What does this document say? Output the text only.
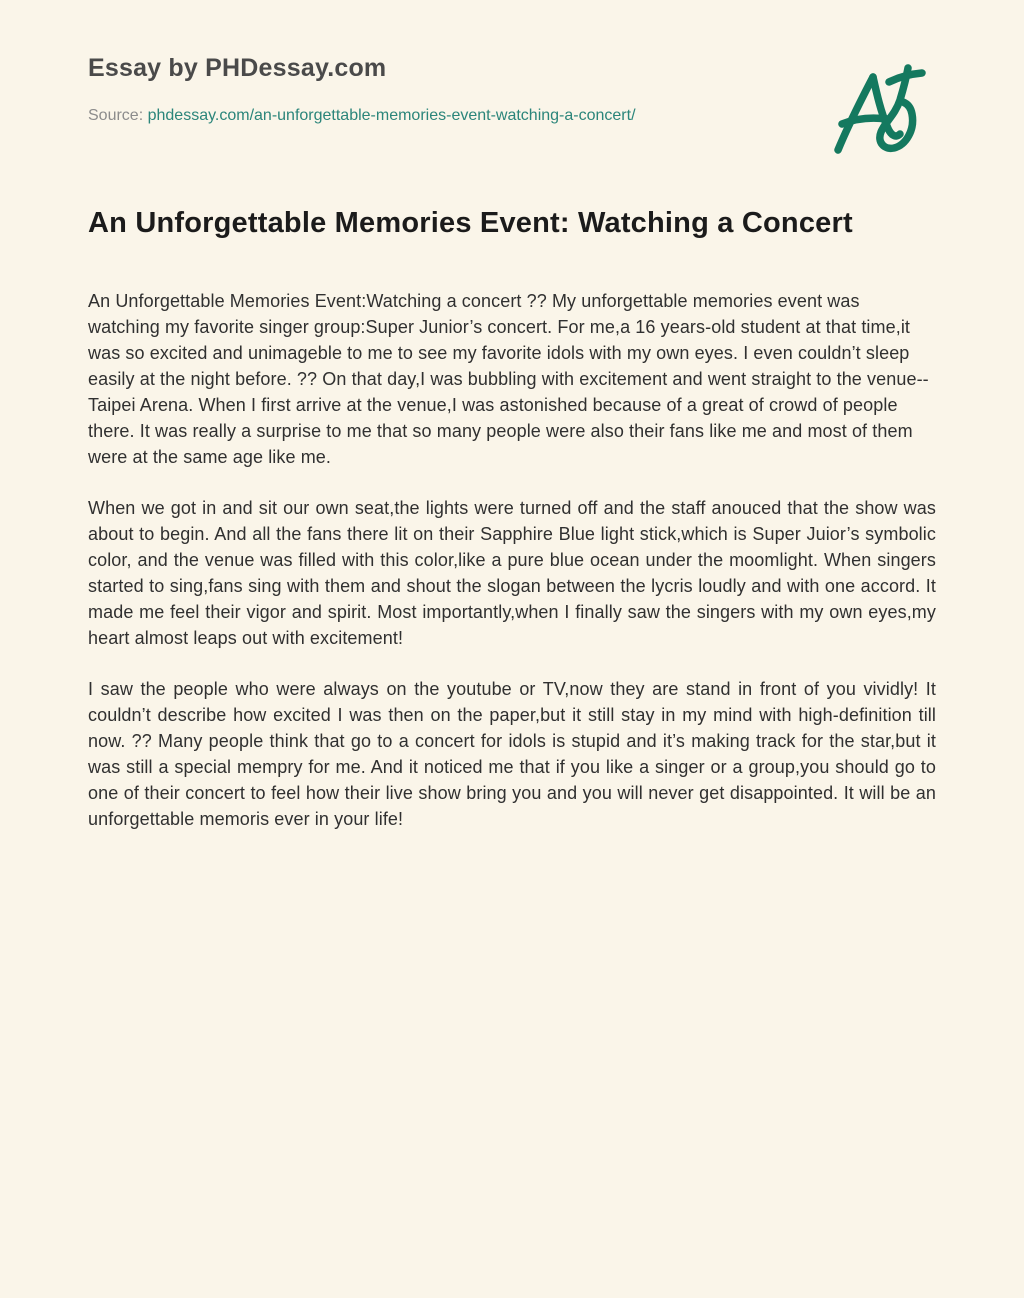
Essay by PHDessay.com
Source: phdessay.com/an-unforgettable-memories-event-watching-a-concert/
An Unforgettable Memories Event: Watching a Concert

An Unforgettable Memories Event:Watching a concert ?? My unforgettable memories event was watching my favorite singer group:Super Junior’s concert. For me,a 16 years-old student at that time,it was so excited and unimageble to me to see my favorite idols with my own eyes. I even couldn’t sleep easily at the night before. ?? On that day,I was bubbling with excitement and went straight to the venue--Taipei Arena. When I first arrive at the venue,I was astonished because of a great of crowd of people there. It was really a surprise to me that so many people were also their fans like me and most of them were at the same age like me.

When we got in and sit our own seat,the lights were turned off and the staff anouced that the show was about to begin. And all the fans there lit on their Sapphire Blue light stick,which is Super Juior’s symbolic color, and the venue was filled with this color,like a pure blue ocean under the moomlight. When singers started to sing,fans sing with them and shout the slogan between the lycris loudly and with one accord. It made me feel their vigor and spirit. Most importantly,when I finally saw the singers with my own eyes,my heart almost leaps out with excitement!

I saw the people who were always on the youtube or TV,now they are stand in front of you vividly! It couldn’t describe how excited I was then on the paper,but it still stay in my mind with high-definition till now. ?? Many people think that go to a concert for idols is stupid and it’s making track for the star,but it was still a special mempry for me. And it noticed me that if you like a singer or a group,you should go to one of their concert to feel how their live show bring you and you will never get disappointed. It will be an unforgettable memoris ever in your life!
